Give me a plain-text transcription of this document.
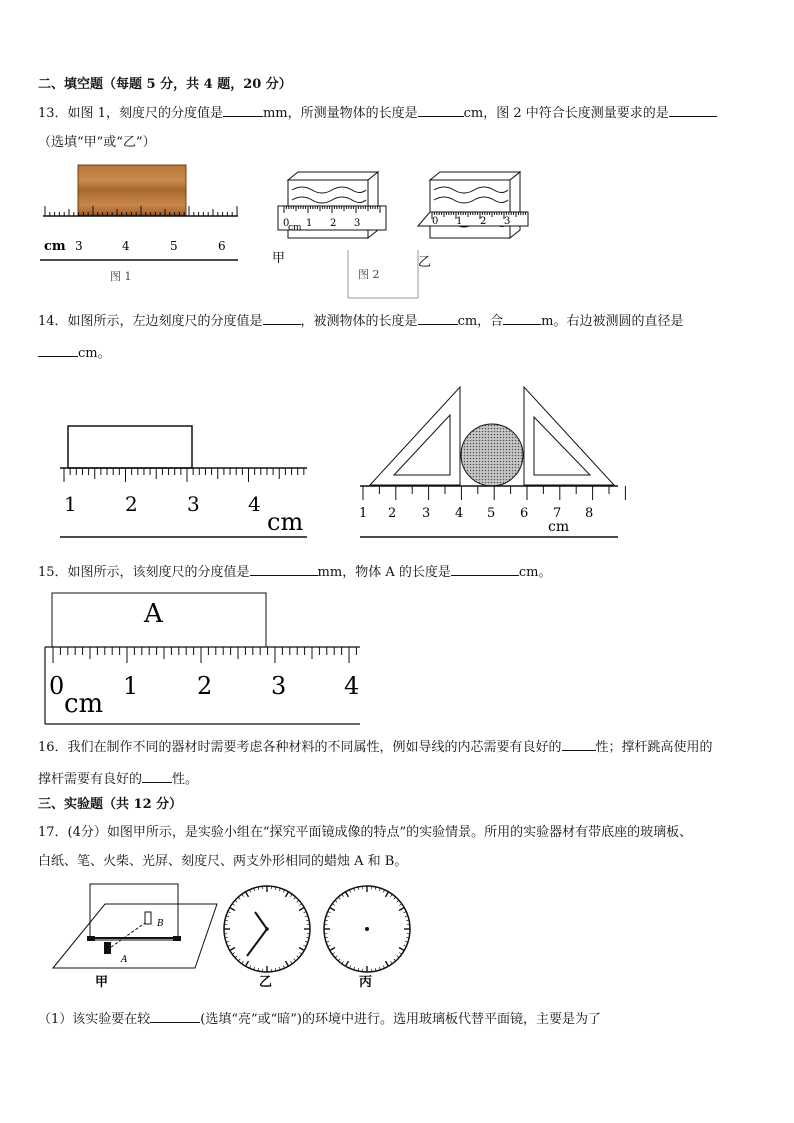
二、填空题（每题 5 分，共 4 题，20 分）
13．如图 1，刻度尺的分度值是	mm，所测量物体的长度是	cm，图 2 中符合长度测量要求的是
（选填“甲”或“乙”）
cm 3	4	5	6
图 1
0 1 2 3
cm
甲
0 1 2 3
乙
图 2
14．如图所示，左边刻度尺的分度值是	，被测物体的长度是	cm，合	m。右边被测圆的直径是
cm。
1 2 3 4
cm	1 2 3 4 5 6 7 8
cm
15．如图所示，该刻度尺的分度值是	mm，物体 A 的长度是	cm。
A
0 1 2 3 4
cm
16．我们在制作不同的器材时需要考虑各种材料的不同属性，例如导线的内芯需要有良好的	性；撑杆跳高使用的
撑杆需要有良好的 性。
三、实验题（共 12 分）
17．(4分）如图甲所示，是实验小组在“探究平面镜成像的特点”的实验情景。所用的实验器材有带底座的玻璃板、
白纸、笔、火柴、光屏、刻度尺、两支外形相同的蜡烛 A 和 B。
A
B
甲	乙	丙
（1）该实验要在较	(选填“亮”或“暗”)的环境中进行。选用玻璃板代替平面镜，主要是为了
